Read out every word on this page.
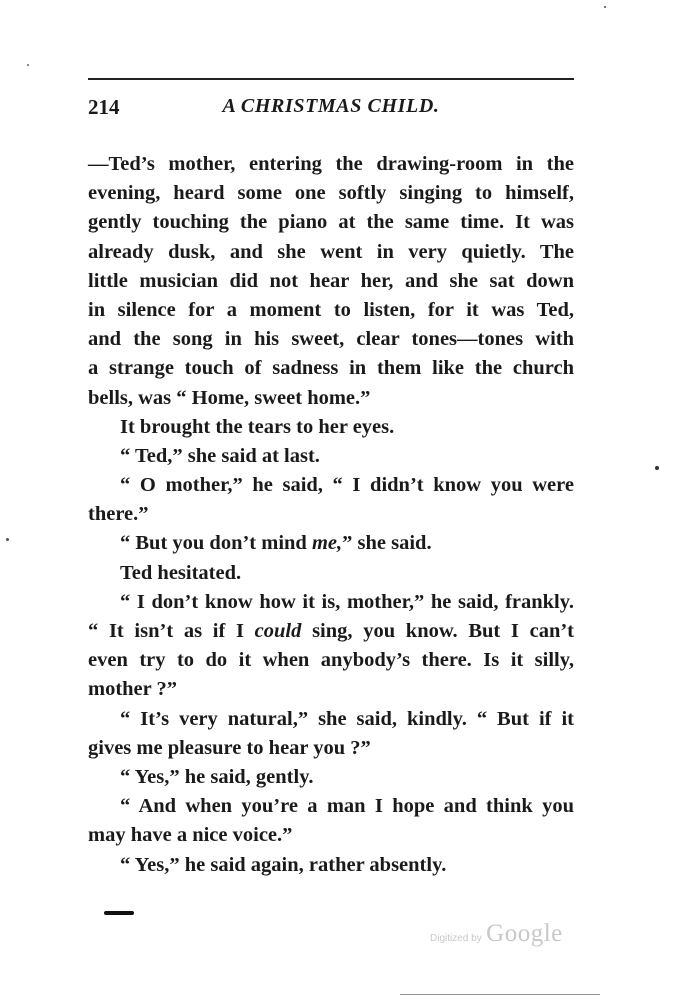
214	A CHRISTMAS CHILD.
—Ted’s mother, entering the drawing-room in the
evening, heard some one softly singing to himself,
gently touching the piano at the same time. It was
already dusk, and she went in very quietly. The
little musician did not hear her, and she sat down
in silence for a moment to listen, for it was Ted,
and the song in his sweet, clear tones—tones with
a strange touch of sadness in them like the church
bells, was “ Home, sweet home.”
It brought the tears to her eyes.
“ Ted,” she said at last.
“ O mother,” he said, “ I didn’t know you were
there.”
“ But you don’t mind me,” she said.
Ted hesitated.
“ I don’t know how it is, mother,” he said, frankly.
“ It isn’t as if I could sing, you know. But I can’t
even try to do it when anybody’s there. Is it silly,
mother ?”
“ It’s very natural,” she said, kindly. “ But if it
gives me pleasure to hear you ?”
“ Yes,” he said, gently.
“ And when you’re a man I hope and think you
may have a nice voice.”
“ Yes,” he said again, rather absently.
Digitized by Google
